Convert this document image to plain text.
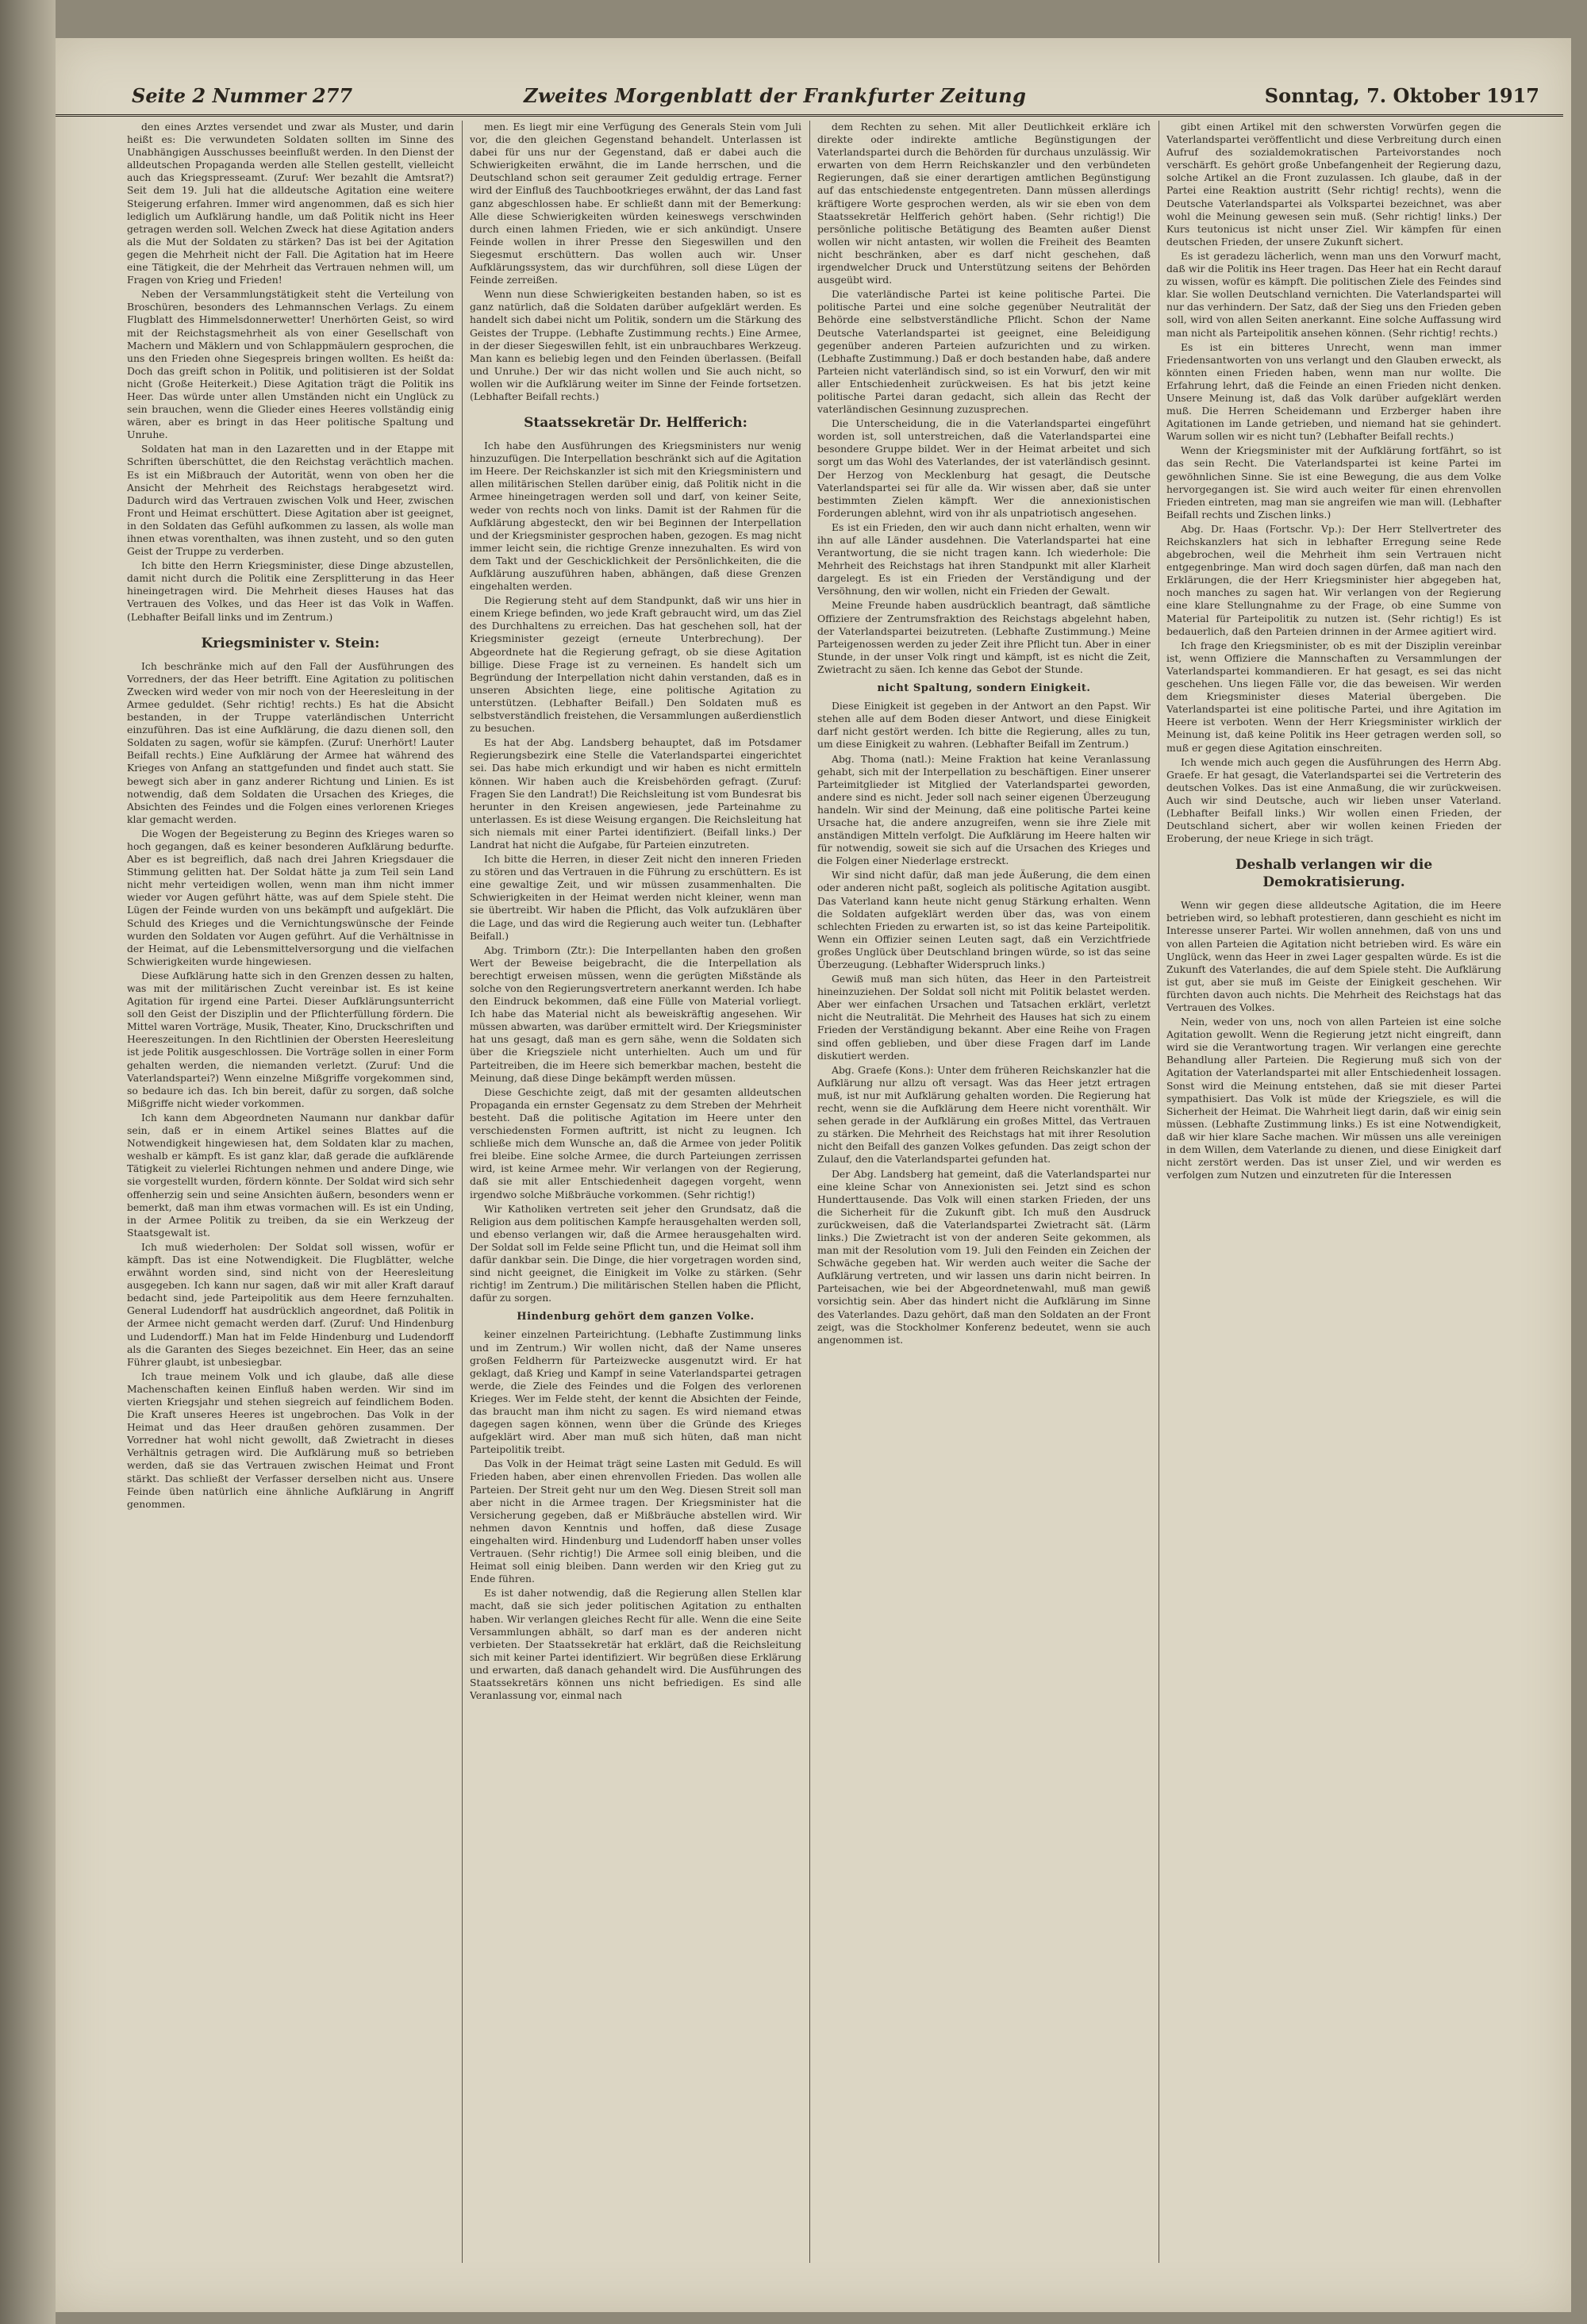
Seite 2 Nummer 277	Zweites Morgenblatt der Frankfurter Zeitung	Sonntag, 7. Oktober 1917

den eines Arztes versendet und zwar als Muster, und darin heißt es: Die verwundeten Soldaten sollten im Sinne des Unabhängigen Ausschusses beeinflußt werden. In den Dienst der alldeutschen Propaganda werden alle Stellen gestellt, vielleicht auch das Kriegspresseamt. (Zuruf: Wer bezahlt die Amtsrat?) Seit dem 19. Juli hat die alldeutsche Agitation eine weitere Steigerung erfahren. Immer wird angenommen, daß es sich hier lediglich um Aufklärung handle, um daß Politik nicht ins Heer getragen werden soll. Welchen Zweck hat diese Agitation anders als die Mut der Soldaten zu stärken? Das ist bei der Agitation gegen die Mehrheit nicht der Fall. Die Agitation hat im Heere eine Tätigkeit, die der Mehrheit das Vertrauen nehmen will, um Fragen von Krieg und Frieden!

Neben der Versammlungstätigkeit steht die Verteilung von Broschüren, besonders des Lehmannschen Verlags. Zu einem Flugblatt des Himmelsdonnerwetter! Unerhörten Geist, so wird mit der Reichstagsmehrheit als von einer Gesellschaft von Machern und Mäklern und von Schlappmäulern gesprochen, die uns den Frieden ohne Siegespreis bringen wollten. Es heißt da: Doch das greift schon in Politik, und politisieren ist der Soldat nicht (Große Heiterkeit.) Diese Agitation trägt die Politik ins Heer. Das würde unter allen Umständen nicht ein Unglück zu sein brauchen, wenn die Glieder eines Heeres vollständig einig wären, aber es bringt in das Heer politische Spaltung und Unruhe.

Soldaten hat man in den Lazaretten und in der Etappe mit Schriften überschüttet, die den Reichstag verächtlich machen. Es ist ein Mißbrauch der Autorität, wenn von oben her die Ansicht der Mehrheit des Reichstags herabgesetzt wird. Dadurch wird das Vertrauen zwischen Volk und Heer, zwischen Front und Heimat erschüttert. Diese Agitation aber ist geeignet, in den Soldaten das Gefühl aufkommen zu lassen, als wolle man ihnen etwas vorenthalten, was ihnen zusteht, und so den guten Geist der Truppe zu verderben.

Ich bitte den Herrn Kriegsminister, diese Dinge abzustellen, damit nicht durch die Politik eine Zersplitterung in das Heer hineingetragen wird. Die Mehrheit dieses Hauses hat das Vertrauen des Volkes, und das Heer ist das Volk in Waffen. (Lebhafter Beifall links und im Zentrum.)

Kriegsminister v. Stein:

Ich beschränke mich auf den Fall der Ausführungen des Vorredners, der das Heer betrifft. Eine Agitation zu politischen Zwecken wird weder von mir noch von der Heeresleitung in der Armee geduldet. (Sehr richtig! rechts.) Es hat die Absicht bestanden, in der Truppe vaterländischen Unterricht einzuführen. Das ist eine Aufklärung, die dazu dienen soll, den Soldaten zu sagen, wofür sie kämpfen. (Zuruf: Unerhört! Lauter Beifall rechts.) Eine Aufklärung der Armee hat während des Krieges von Anfang an stattgefunden und findet auch statt. Sie bewegt sich aber in ganz anderer Richtung und Linien. Es ist notwendig, daß dem Soldaten die Ursachen des Krieges, die Absichten des Feindes und die Folgen eines verlorenen Krieges klar gemacht werden.

Die Wogen der Begeisterung zu Beginn des Krieges waren so hoch gegangen, daß es keiner besonderen Aufklärung bedurfte. Aber es ist begreiflich, daß nach drei Jahren Kriegsdauer die Stimmung gelitten hat. Der Soldat hätte ja zum Teil sein Land nicht mehr verteidigen wollen, wenn man ihm nicht immer wieder vor Augen geführt hätte, was auf dem Spiele steht. Die Lügen der Feinde wurden von uns bekämpft und aufgeklärt. Die Schuld des Krieges und die Vernichtungswünsche der Feinde wurden den Soldaten vor Augen geführt. Auf die Verhältnisse in der Heimat, auf die Lebensmittelversorgung und die vielfachen Schwierigkeiten wurde hingewiesen.

Diese Aufklärung hatte sich in den Grenzen dessen zu halten, was mit der militärischen Zucht vereinbar ist. Es ist keine Agitation für irgend eine Partei. Dieser Aufklärungsunterricht soll den Geist der Disziplin und der Pflichterfüllung fördern. Die Mittel waren Vorträge, Musik, Theater, Kino, Druckschriften und Heereszeitungen. In den Richtlinien der Obersten Heeresleitung ist jede Politik ausgeschlossen. Die Vorträge sollen in einer Form gehalten werden, die niemanden verletzt. (Zuruf: Und die Vaterlandspartei?) Wenn einzelne Mißgriffe vorgekommen sind, so bedaure ich das. Ich bin bereit, dafür zu sorgen, daß solche Mißgriffe nicht wieder vorkommen.

Ich kann dem Abgeordneten Naumann nur dankbar dafür sein, daß er in einem Artikel seines Blattes auf die Notwendigkeit hingewiesen hat, dem Soldaten klar zu machen, weshalb er kämpft. Es ist ganz klar, daß gerade die aufklärende Tätigkeit zu vielerlei Richtungen nehmen und andere Dinge, wie sie vorgestellt wurden, fördern könnte. Der Soldat wird sich sehr offenherzig sein und seine Ansichten äußern, besonders wenn er bemerkt, daß man ihm etwas vormachen will. Es ist ein Unding, in der Armee Politik zu treiben, da sie ein Werkzeug der Staatsgewalt ist.

Ich muß wiederholen: Der Soldat soll wissen, wofür er kämpft. Das ist eine Notwendigkeit. Die Flugblätter, welche erwähnt worden sind, sind nicht von der Heeresleitung ausgegeben. Ich kann nur sagen, daß wir mit aller Kraft darauf bedacht sind, jede Parteipolitik aus dem Heere fernzuhalten. General Ludendorff hat ausdrücklich angeordnet, daß Politik in der Armee nicht gemacht werden darf. (Zuruf: Und Hindenburg und Ludendorff.) Man hat im Felde Hindenburg und Ludendorff als die Garanten des Sieges bezeichnet. Ein Heer, das an seine Führer glaubt, ist unbesiegbar.

Ich traue meinem Volk und ich glaube, daß alle diese Machenschaften keinen Einfluß haben werden. Wir sind im vierten Kriegsjahr und stehen siegreich auf feindlichem Boden. Die Kraft unseres Heeres ist ungebrochen. Das Volk in der Heimat und das Heer draußen gehören zusammen. Der Vorredner hat wohl nicht gewollt, daß Zwietracht in dieses Verhältnis getragen wird. Die Aufklärung muß so betrieben werden, daß sie das Vertrauen zwischen Heimat und Front stärkt. Das schließt der Verfasser derselben nicht aus. Unsere Feinde üben natürlich eine ähnliche Aufklärung in Angriff genommen.

men. Es liegt mir eine Verfügung des Generals Stein vom Juli vor, die den gleichen Gegenstand behandelt. Unterlassen ist dabei für uns nur der Gegenstand, daß er dabei auch die Schwierigkeiten erwähnt, die im Lande herrschen, und die Deutschland schon seit geraumer Zeit geduldig ertrage. Ferner wird der Einfluß des Tauchbootkrieges erwähnt, der das Land fast ganz abgeschlossen habe. Er schließt dann mit der Bemerkung: Alle diese Schwierigkeiten würden keineswegs verschwinden durch einen lahmen Frieden, wie er sich ankündigt. Unsere Feinde wollen in ihrer Presse den Siegeswillen und den Siegesmut erschüttern. Das wollen auch wir. Unser Aufklärungssystem, das wir durchführen, soll diese Lügen der Feinde zerreißen.

Wenn nun diese Schwierigkeiten bestanden haben, so ist es ganz natürlich, daß die Soldaten darüber aufgeklärt werden. Es handelt sich dabei nicht um Politik, sondern um die Stärkung des Geistes der Truppe. (Lebhafte Zustimmung rechts.) Eine Armee, in der dieser Siegeswillen fehlt, ist ein unbrauchbares Werkzeug. Man kann es beliebig legen und den Feinden überlassen. (Beifall und Unruhe.) Der wir das nicht wollen und Sie auch nicht, so wollen wir die Aufklärung weiter im Sinne der Feinde fortsetzen. (Lebhafter Beifall rechts.)

Staatssekretär Dr. Helfferich:

Ich habe den Ausführungen des Kriegsministers nur wenig hinzuzufügen. Die Interpellation beschränkt sich auf die Agitation im Heere. Der Reichskanzler ist sich mit den Kriegsministern und allen militärischen Stellen darüber einig, daß Politik nicht in die Armee hineingetragen werden soll und darf, von keiner Seite, weder von rechts noch von links. Damit ist der Rahmen für die Aufklärung abgesteckt, den wir bei Beginnen der Interpellation und der Kriegsminister gesprochen haben, gezogen. Es mag nicht immer leicht sein, die richtige Grenze innezuhalten. Es wird von dem Takt und der Geschicklichkeit der Persönlichkeiten, die die Aufklärung auszuführen haben, abhängen, daß diese Grenzen eingehalten werden.

Die Regierung steht auf dem Standpunkt, daß wir uns hier in einem Kriege befinden, wo jede Kraft gebraucht wird, um das Ziel des Durchhaltens zu erreichen. Das hat geschehen soll, hat der Kriegsminister gezeigt (erneute Unterbrechung). Der Abgeordnete hat die Regierung gefragt, ob sie diese Agitation billige. Diese Frage ist zu verneinen. Es handelt sich um Begründung der Interpellation nicht dahin verstanden, daß es in unseren Absichten liege, eine politische Agitation zu unterstützen. (Lebhafter Beifall.) Den Soldaten muß es selbstverständlich freistehen, die Versammlungen außerdienstlich zu besuchen.

Es hat der Abg. Landsberg behauptet, daß im Potsdamer Regierungsbezirk eine Stelle die Vaterlandspartei eingerichtet sei. Das habe mich erkundigt und wir haben es nicht ermitteln können. Wir haben auch die Kreisbehörden gefragt. (Zuruf: Fragen Sie den Landrat!) Die Reichsleitung ist vom Bundesrat bis herunter in den Kreisen angewiesen, jede Parteinahme zu unterlassen. Es ist diese Weisung ergangen. Die Reichsleitung hat sich niemals mit einer Partei identifiziert. (Beifall links.) Der Landrat hat nicht die Aufgabe, für Parteien einzutreten.

Ich bitte die Herren, in dieser Zeit nicht den inneren Frieden zu stören und das Vertrauen in die Führung zu erschüttern. Es ist eine gewaltige Zeit, und wir müssen zusammenhalten. Die Schwierigkeiten in der Heimat werden nicht kleiner, wenn man sie übertreibt. Wir haben die Pflicht, das Volk aufzuklären über die Lage, und das wird die Regierung auch weiter tun. (Lebhafter Beifall.)

Abg. Trimborn (Ztr.): Die Interpellanten haben den großen Wert der Beweise beigebracht, die die Interpellation als berechtigt erweisen müssen, wenn die gerügten Mißstände als solche von den Regierungsvertretern anerkannt werden. Ich habe den Eindruck bekommen, daß eine Fülle von Material vorliegt. Ich habe das Material nicht als beweiskräftig angesehen. Wir müssen abwarten, was darüber ermittelt wird. Der Kriegsminister hat uns gesagt, daß man es gern sähe, wenn die Soldaten sich über die Kriegsziele nicht unterhielten. Auch um und für Parteitreiben, die im Heere sich bemerkbar machen, besteht die Meinung, daß diese Dinge bekämpft werden müssen.

Diese Geschichte zeigt, daß mit der gesamten alldeutschen Propaganda ein ernster Gegensatz zu dem Streben der Mehrheit besteht. Daß die politische Agitation im Heere unter den verschiedensten Formen auftritt, ist nicht zu leugnen. Ich schließe mich dem Wunsche an, daß die Armee von jeder Politik frei bleibe. Eine solche Armee, die durch Parteiungen zerrissen wird, ist keine Armee mehr. Wir verlangen von der Regierung, daß sie mit aller Entschiedenheit dagegen vorgeht, wenn irgendwo solche Mißbräuche vorkommen. (Sehr richtig!)

Wir Katholiken vertreten seit jeher den Grundsatz, daß die Religion aus dem politischen Kampfe herausgehalten werden soll, und ebenso verlangen wir, daß die Armee herausgehalten wird. Der Soldat soll im Felde seine Pflicht tun, und die Heimat soll ihm dafür dankbar sein. Die Dinge, die hier vorgetragen worden sind, sind nicht geeignet, die Einigkeit im Volke zu stärken. (Sehr richtig! im Zentrum.) Die militärischen Stellen haben die Pflicht, dafür zu sorgen.

Hindenburg gehört dem ganzen Volke.

keiner einzelnen Parteirichtung. (Lebhafte Zustimmung links und im Zentrum.) Wir wollen nicht, daß der Name unseres großen Feldherrn für Parteizwecke ausgenutzt wird. Er hat geklagt, daß Krieg und Kampf in seine Vaterlandspartei getragen werde, die Ziele des Feindes und die Folgen des verlorenen Krieges. Wer im Felde steht, der kennt die Absichten der Feinde, das braucht man ihm nicht zu sagen. Es wird niemand etwas dagegen sagen können, wenn über die Gründe des Krieges aufgeklärt wird. Aber man muß sich hüten, daß man nicht Parteipolitik treibt.

Das Volk in der Heimat trägt seine Lasten mit Geduld. Es will Frieden haben, aber einen ehrenvollen Frieden. Das wollen alle Parteien. Der Streit geht nur um den Weg. Diesen Streit soll man aber nicht in die Armee tragen. Der Kriegsminister hat die Versicherung gegeben, daß er Mißbräuche abstellen wird. Wir nehmen davon Kenntnis und hoffen, daß diese Zusage eingehalten wird. Hindenburg und Ludendorff haben unser volles Vertrauen. (Sehr richtig!) Die Armee soll einig bleiben, und die Heimat soll einig bleiben. Dann werden wir den Krieg gut zu Ende führen.

Es ist daher notwendig, daß die Regierung allen Stellen klar macht, daß sie sich jeder politischen Agitation zu enthalten haben. Wir verlangen gleiches Recht für alle. Wenn die eine Seite Versammlungen abhält, so darf man es der anderen nicht verbieten. Der Staatssekretär hat erklärt, daß die Reichsleitung sich mit keiner Partei identifiziert. Wir begrüßen diese Erklärung und erwarten, daß danach gehandelt wird. Die Ausführungen des Staatssekretärs können uns nicht befriedigen. Es sind alle Veranlassung vor, einmal nach

dem Rechten zu sehen. Mit aller Deutlichkeit erkläre ich direkte oder indirekte amtliche Begünstigungen der Vaterlandspartei durch die Behörden für durchaus unzulässig. Wir erwarten von dem Herrn Reichskanzler und den verbündeten Regierungen, daß sie einer derartigen amtlichen Begünstigung auf das entschiedenste entgegentreten. Dann müssen allerdings kräftigere Worte gesprochen werden, als wir sie eben von dem Staatssekretär Helfferich gehört haben. (Sehr richtig!) Die persönliche politische Betätigung des Beamten außer Dienst wollen wir nicht antasten, wir wollen die Freiheit des Beamten nicht beschränken, aber es darf nicht geschehen, daß irgendwelcher Druck und Unterstützung seitens der Behörden ausgeübt wird.

Die vaterländische Partei ist keine politische Partei. Die politische Partei und eine solche gegenüber Neutralität der Behörde eine selbstverständliche Pflicht. Schon der Name Deutsche Vaterlandspartei ist geeignet, eine Beleidigung gegenüber anderen Parteien aufzurichten und zu wirken. (Lebhafte Zustimmung.) Daß er doch bestanden habe, daß andere Parteien nicht vaterländisch sind, so ist ein Vorwurf, den wir mit aller Entschiedenheit zurückweisen. Es hat bis jetzt keine politische Partei daran gedacht, sich allein das Recht der vaterländischen Gesinnung zuzusprechen.

Die Unterscheidung, die in die Vaterlandspartei eingeführt worden ist, soll unterstreichen, daß die Vaterlandspartei eine besondere Gruppe bildet. Wer in der Heimat arbeitet und sich sorgt um das Wohl des Vaterlandes, der ist vaterländisch gesinnt. Der Herzog von Mecklenburg hat gesagt, die Deutsche Vaterlandspartei sei für alle da. Wir wissen aber, daß sie unter bestimmten Zielen kämpft. Wer die annexionistischen Forderungen ablehnt, wird von ihr als unpatriotisch angesehen.

Es ist ein Frieden, den wir auch dann nicht erhalten, wenn wir ihn auf alle Länder ausdehnen. Die Vaterlandspartei hat eine Verantwortung, die sie nicht tragen kann. Ich wiederhole: Die Mehrheit des Reichstags hat ihren Standpunkt mit aller Klarheit dargelegt. Es ist ein Frieden der Verständigung und der Versöhnung, den wir wollen, nicht ein Frieden der Gewalt.

Meine Freunde haben ausdrücklich beantragt, daß sämtliche Offiziere der Zentrumsfraktion des Reichstags abgelehnt haben, der Vaterlandspartei beizutreten. (Lebhafte Zustimmung.) Meine Parteigenossen werden zu jeder Zeit ihre Pflicht tun. Aber in einer Stunde, in der unser Volk ringt und kämpft, ist es nicht die Zeit, Zwietracht zu säen. Ich kenne das Gebot der Stunde.

nicht Spaltung, sondern Einigkeit.

Diese Einigkeit ist gegeben in der Antwort an den Papst. Wir stehen alle auf dem Boden dieser Antwort, und diese Einigkeit darf nicht gestört werden. Ich bitte die Regierung, alles zu tun, um diese Einigkeit zu wahren. (Lebhafter Beifall im Zentrum.)

Abg. Thoma (natl.): Meine Fraktion hat keine Veranlassung gehabt, sich mit der Interpellation zu beschäftigen. Einer unserer Parteimitglieder ist Mitglied der Vaterlandspartei geworden, andere sind es nicht. Jeder soll nach seiner eigenen Überzeugung handeln. Wir sind der Meinung, daß eine politische Partei keine Ursache hat, die andere anzugreifen, wenn sie ihre Ziele mit anständigen Mitteln verfolgt. Die Aufklärung im Heere halten wir für notwendig, soweit sie sich auf die Ursachen des Krieges und die Folgen einer Niederlage erstreckt.

Wir sind nicht dafür, daß man jede Äußerung, die dem einen oder anderen nicht paßt, sogleich als politische Agitation ausgibt. Das Vaterland kann heute nicht genug Stärkung erhalten. Wenn die Soldaten aufgeklärt werden über das, was von einem schlechten Frieden zu erwarten ist, so ist das keine Parteipolitik. Wenn ein Offizier seinen Leuten sagt, daß ein Verzichtfriede großes Unglück über Deutschland bringen würde, so ist das seine Überzeugung. (Lebhafter Widerspruch links.)

Gewiß muß man sich hüten, das Heer in den Parteistreit hineinzuziehen. Der Soldat soll nicht mit Politik belastet werden. Aber wer einfachen Ursachen und Tatsachen erklärt, verletzt nicht die Neutralität. Die Mehrheit des Hauses hat sich zu einem Frieden der Verständigung bekannt. Aber eine Reihe von Fragen sind offen geblieben, und über diese Fragen darf im Lande diskutiert werden.

Abg. Graefe (Kons.): Unter dem früheren Reichskanzler hat die Aufklärung nur allzu oft versagt. Was das Heer jetzt ertragen muß, ist nur mit Aufklärung gehalten worden. Die Regierung hat recht, wenn sie die Aufklärung dem Heere nicht vorenthält. Wir sehen gerade in der Aufklärung ein großes Mittel, das Vertrauen zu stärken. Die Mehrheit des Reichstags hat mit ihrer Resolution nicht den Beifall des ganzen Volkes gefunden. Das zeigt schon der Zulauf, den die Vaterlandspartei gefunden hat.

Der Abg. Landsberg hat gemeint, daß die Vaterlandspartei nur eine kleine Schar von Annexionisten sei. Jetzt sind es schon Hunderttausende. Das Volk will einen starken Frieden, der uns die Sicherheit für die Zukunft gibt. Ich muß den Ausdruck zurückweisen, daß die Vaterlandspartei Zwietracht sät. (Lärm links.) Die Zwietracht ist von der anderen Seite gekommen, als man mit der Resolution vom 19. Juli den Feinden ein Zeichen der Schwäche gegeben hat. Wir werden auch weiter die Sache der Aufklärung vertreten, und wir lassen uns darin nicht beirren. In Parteisachen, wie bei der Abgeordnetenwahl, muß man gewiß vorsichtig sein. Aber das hindert nicht die Aufklärung im Sinne des Vaterlandes. Dazu gehört, daß man den Soldaten an der Front zeigt, was die Stockholmer Konferenz bedeutet, wenn sie auch angenommen ist.

gibt einen Artikel mit den schwersten Vorwürfen gegen die Vaterlandspartei veröffentlicht und diese Verbreitung durch einen Aufruf des sozialdemokratischen Parteivorstandes noch verschärft. Es gehört große Unbefangenheit der Regierung dazu, solche Artikel an die Front zuzulassen. Ich glaube, daß in der Partei eine Reaktion austritt (Sehr richtig! rechts), wenn die Deutsche Vaterlandspartei als Volkspartei bezeichnet, was aber wohl die Meinung gewesen sein muß. (Sehr richtig! links.) Der Kurs teutonicus ist nicht unser Ziel. Wir kämpfen für einen deutschen Frieden, der unsere Zukunft sichert.

Es ist geradezu lächerlich, wenn man uns den Vorwurf macht, daß wir die Politik ins Heer tragen. Das Heer hat ein Recht darauf zu wissen, wofür es kämpft. Die politischen Ziele des Feindes sind klar. Sie wollen Deutschland vernichten. Die Vaterlandspartei will nur das verhindern. Der Satz, daß der Sieg uns den Frieden geben soll, wird von allen Seiten anerkannt. Eine solche Auffassung wird man nicht als Parteipolitik ansehen können. (Sehr richtig! rechts.)

Es ist ein bitteres Unrecht, wenn man immer Friedensantworten von uns verlangt und den Glauben erweckt, als könnten einen Frieden haben, wenn man nur wollte. Die Erfahrung lehrt, daß die Feinde an einen Frieden nicht denken. Unsere Meinung ist, daß das Volk darüber aufgeklärt werden muß. Die Herren Scheidemann und Erzberger haben ihre Agitationen im Lande getrieben, und niemand hat sie gehindert. Warum sollen wir es nicht tun? (Lebhafter Beifall rechts.)

Wenn der Kriegsminister mit der Aufklärung fortfährt, so ist das sein Recht. Die Vaterlandspartei ist keine Partei im gewöhnlichen Sinne. Sie ist eine Bewegung, die aus dem Volke hervorgegangen ist. Sie wird auch weiter für einen ehrenvollen Frieden eintreten, mag man sie angreifen wie man will. (Lebhafter Beifall rechts und Zischen links.)

Abg. Dr. Haas (Fortschr. Vp.): Der Herr Stellvertreter des Reichskanzlers hat sich in lebhafter Erregung seine Rede abgebrochen, weil die Mehrheit ihm sein Vertrauen nicht entgegenbringe. Man wird doch sagen dürfen, daß man nach den Erklärungen, die der Herr Kriegsminister hier abgegeben hat, noch manches zu sagen hat. Wir verlangen von der Regierung eine klare Stellungnahme zu der Frage, ob eine Summe von Material für Parteipolitik zu nutzen ist. (Sehr richtig!) Es ist bedauerlich, daß den Parteien drinnen in der Armee agitiert wird.

Ich frage den Kriegsminister, ob es mit der Disziplin vereinbar ist, wenn Offiziere die Mannschaften zu Versammlungen der Vaterlandspartei kommandieren. Er hat gesagt, es sei das nicht geschehen. Uns liegen Fälle vor, die das beweisen. Wir werden dem Kriegsminister dieses Material übergeben. Die Vaterlandspartei ist eine politische Partei, und ihre Agitation im Heere ist verboten. Wenn der Herr Kriegsminister wirklich der Meinung ist, daß keine Politik ins Heer getragen werden soll, so muß er gegen diese Agitation einschreiten.

Ich wende mich auch gegen die Ausführungen des Herrn Abg. Graefe. Er hat gesagt, die Vaterlandspartei sei die Vertreterin des deutschen Volkes. Das ist eine Anmaßung, die wir zurückweisen. Auch wir sind Deutsche, auch wir lieben unser Vaterland. (Lebhafter Beifall links.) Wir wollen einen Frieden, der Deutschland sichert, aber wir wollen keinen Frieden der Eroberung, der neue Kriege in sich trägt.

Deshalb verlangen wir die Demokratisierung.

Wenn wir gegen diese alldeutsche Agitation, die im Heere betrieben wird, so lebhaft protestieren, dann geschieht es nicht im Interesse unserer Partei. Wir wollen annehmen, daß von uns und von allen Parteien die Agitation nicht betrieben wird. Es wäre ein Unglück, wenn das Heer in zwei Lager gespalten würde. Es ist die Zukunft des Vaterlandes, die auf dem Spiele steht. Die Aufklärung ist gut, aber sie muß im Geiste der Einigkeit geschehen. Wir fürchten davon auch nichts. Die Mehrheit des Reichstags hat das Vertrauen des Volkes.

Nein, weder von uns, noch von allen Parteien ist eine solche Agitation gewollt. Wenn die Regierung jetzt nicht eingreift, dann wird sie die Verantwortung tragen. Wir verlangen eine gerechte Behandlung aller Parteien. Die Regierung muß sich von der Agitation der Vaterlandspartei mit aller Entschiedenheit lossagen. Sonst wird die Meinung entstehen, daß sie mit dieser Partei sympathisiert. Das Volk ist müde der Kriegsziele, es will die Sicherheit der Heimat. Die Wahrheit liegt darin, daß wir einig sein müssen. (Lebhafte Zustimmung links.) Es ist eine Notwendigkeit, daß wir hier klare Sache machen. Wir müssen uns alle vereinigen in dem Willen, dem Vaterlande zu dienen, und diese Einigkeit darf nicht zerstört werden. Das ist unser Ziel, und wir werden es verfolgen zum Nutzen und einzutreten für die Interessen
